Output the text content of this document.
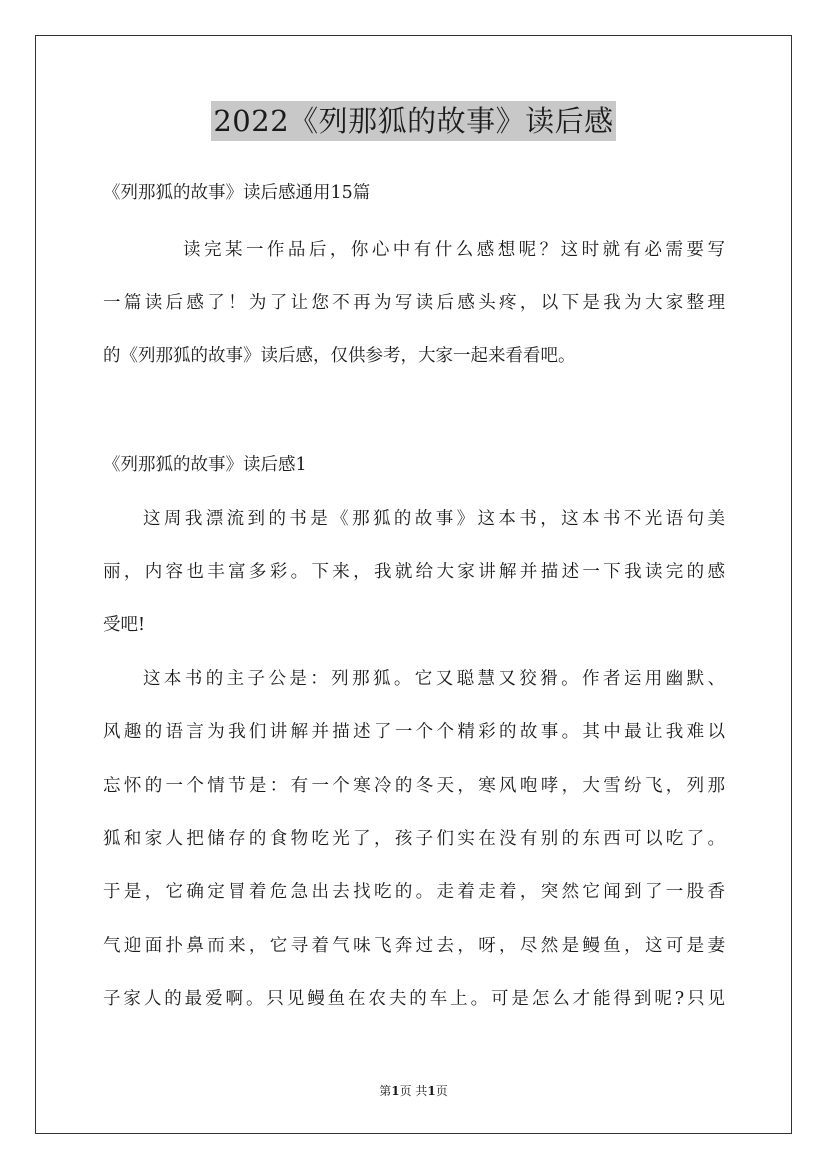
2022《列那狐的故事》读后感
《列那狐的故事》读后感通用15篇
读完某一作品后，你心中有什么感想呢？这时就有必需要写
一篇读后感了！为了让您不再为写读后感头疼，以下是我为大家整理
的《列那狐的故事》读后感，仅供参考，大家一起来看看吧。
《列那狐的故事》读后感1
这周我漂流到的书是《那狐的故事》这本书，这本书不光语句美
丽，内容也丰富多彩。下来，我就给大家讲解并描述一下我读完的感
受吧!
这本书的主子公是：列那狐。它又聪慧又狡猾。作者运用幽默、
风趣的语言为我们讲解并描述了一个个精彩的故事。其中最让我难以
忘怀的一个情节是：有一个寒冷的冬天，寒风咆哮，大雪纷飞，列那
狐和家人把储存的食物吃光了，孩子们实在没有别的东西可以吃了。
于是，它确定冒着危急出去找吃的。走着走着，突然它闻到了一股香
气迎面扑鼻而来，它寻着气味飞奔过去，呀，尽然是鳗鱼，这可是妻
子家人的最爱啊。只见鳗鱼在农夫的车上。可是怎么才能得到呢?只见
第1页 共1页
